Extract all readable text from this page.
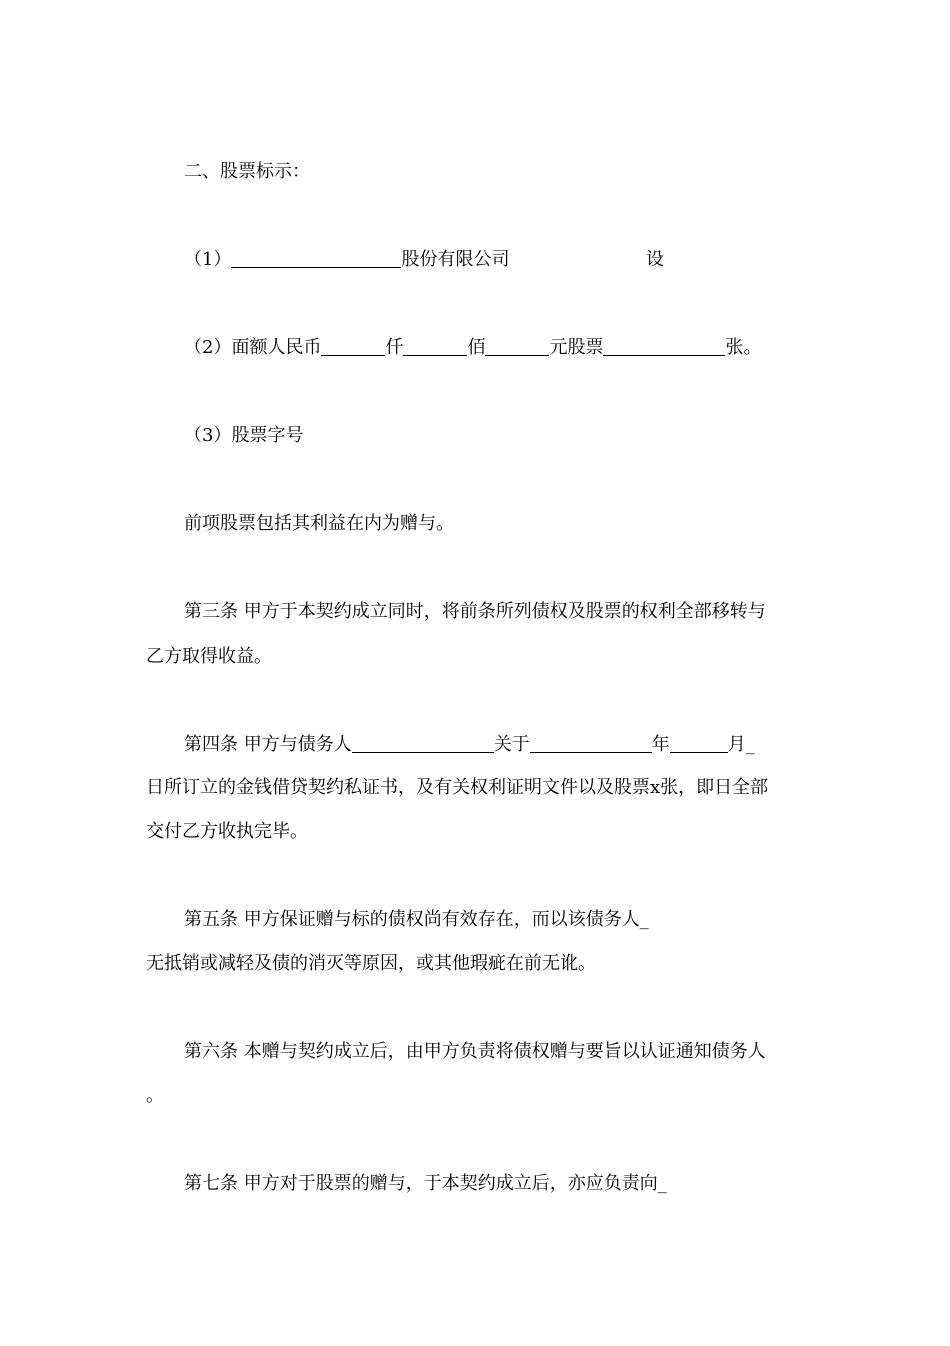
二、股票标示：
（1）	股份有限公司	设
（2）面额人民币	仟	佰	元股票	张。
（3）股票字号
前项股票包括其利益在内为赠与。
第三条 甲方于本契约成立同时，将前条所列债权及股票的权利全部移转与
乙方取得收益。
第四条 甲方与债务人	关于	年	月_
日所订立的金钱借贷契约私证书，及有关权利证明文件以及股票x张，即日全部
交付乙方收执完毕。
第五条 甲方保证赠与标的债权尚有效存在，而以该债务人_
无抵销或减轻及债的消灭等原因，或其他瑕疵在前无讹。
第六条 本赠与契约成立后，由甲方负责将债权赠与要旨以认证通知债务人
。
第七条 甲方对于股票的赠与，于本契约成立后，亦应负责向_
